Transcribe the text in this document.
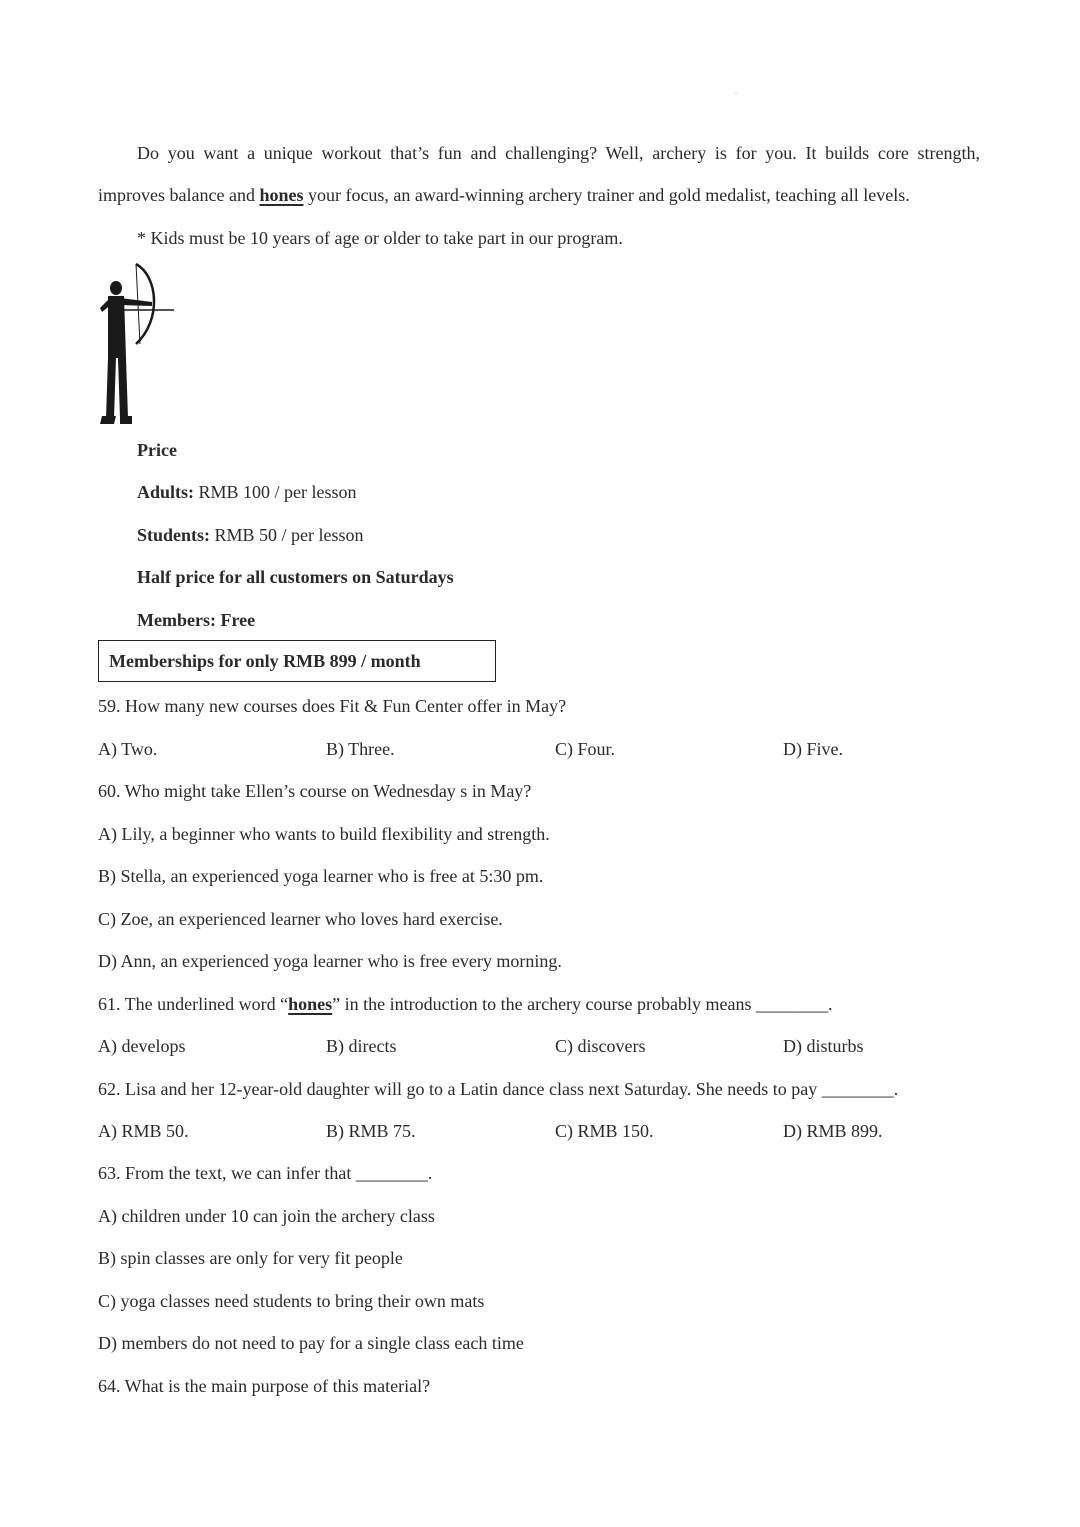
Do you want a unique workout that’s fun and challenging? Well, archery is for you. It builds core strength,
improves balance and hones your focus, an award-winning archery trainer and gold medalist, teaching all levels.
* Kids must be 10 years of age or older to take part in our program.
Price
Adults: RMB 100 / per lesson
Students: RMB 50 / per lesson
Half price for all customers on Saturdays
Members: Free
Memberships for only RMB 899 / month
59. How many new courses does Fit & Fun Center offer in May?
A) Two.	B) Three.	C) Four.	D) Five.
60. Who might take Ellen’s course on Wednesday s in May?
A) Lily, a beginner who wants to build flexibility and strength.
B) Stella, an experienced yoga learner who is free at 5:30 pm.
C) Zoe, an experienced learner who loves hard exercise.
D) Ann, an experienced yoga learner who is free every morning.
61. The underlined word “hones” in the introduction to the archery course probably means ________.
A) develops	B) directs	C) discovers	D) disturbs
62. Lisa and her 12-year-old daughter will go to a Latin dance class next Saturday. She needs to pay ________.
A) RMB 50.	B) RMB 75.	C) RMB 150.	D) RMB 899.
63. From the text, we can infer that ________.
A) children under 10 can join the archery class
B) spin classes are only for very fit people
C) yoga classes need students to bring their own mats
D) members do not need to pay for a single class each time
64. What is the main purpose of this material?
